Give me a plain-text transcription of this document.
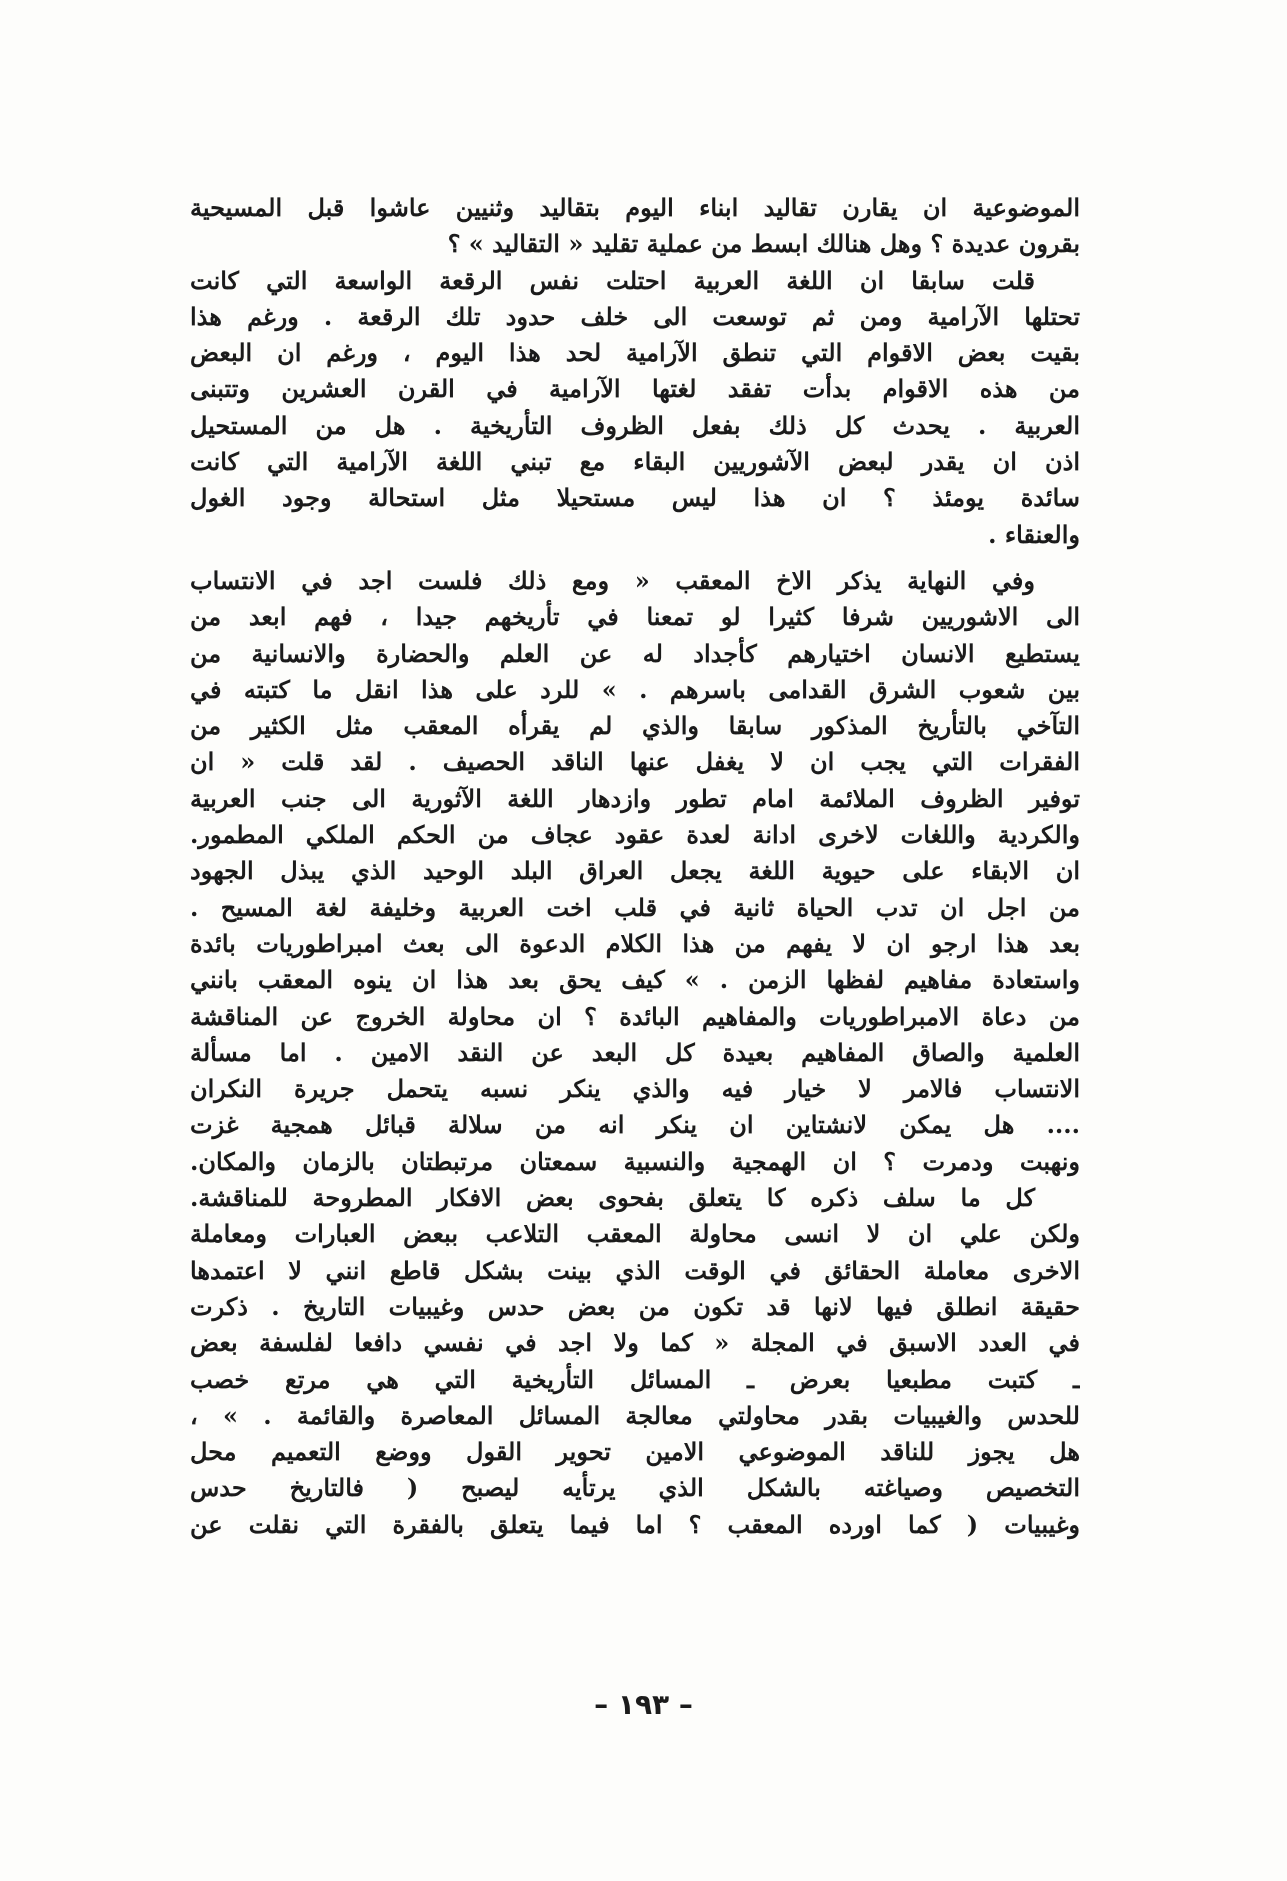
الموضوعية ان يقارن تقاليد ابناء اليوم بتقاليد وثنيين عاشوا قبل المسيحية
بقرون عديدة ؟ وهل هنالك ابسط من عملية تقليد « التقاليد » ؟
قلت سابقا ان اللغة العربية احتلت نفس الرقعة الواسعة التي كانت
تحتلها الآرامية ومن ثم توسعت الى خلف حدود تلك الرقعة . ورغم هذا
بقيت بعض الاقوام التي تنطق الآرامية لحد هذا اليوم ، ورغم ان البعض
من هذه الاقوام بدأت تفقد لغتها الآرامية في القرن العشرين وتتبنى
العربية . يحدث كل ذلك بفعل الظروف التأريخية . هل من المستحيل
اذن ان يقدر لبعض الآشوريين البقاء مع تبني اللغة الآرامية التي كانت
سائدة يومئذ ؟ ان هذا ليس مستحيلا مثل استحالة وجود الغول
والعنقاء .
وفي النهاية يذكر الاخ المعقب « ومع ذلك فلست اجد في الانتساب
الى الاشوريين شرفا كثيرا لو تمعنا في تأريخهم جيدا ، فهم ابعد من
يستطيع الانسان اختيارهم كأجداد له عن العلم والحضارة والانسانية من
بين شعوب الشرق القدامى باسرهم . » للرد على هذا انقل ما كتبته في
التآخي بالتأريخ المذكور سابقا والذي لم يقرأه المعقب مثل الكثير من
الفقرات التي يجب ان لا يغفل عنها الناقد الحصيف . لقد قلت « ان
توفير الظروف الملائمة امام تطور وازدهار اللغة الآثورية الى جنب العربية
والكردية واللغات لاخرى ادانة لعدة عقود عجاف من الحكم الملكي المطمور.
ان الابقاء على حيوية اللغة يجعل العراق البلد الوحيد الذي يبذل الجهود
من اجل ان تدب الحياة ثانية في قلب اخت العربية وخليفة لغة المسيح .
بعد هذا ارجو ان لا يفهم من هذا الكلام الدعوة الى بعث امبراطوريات بائدة
واستعادة مفاهيم لفظها الزمن . » كيف يحق بعد هذا ان ينوه المعقب بانني
من دعاة الامبراطوريات والمفاهيم البائدة ؟ ان محاولة الخروج عن المناقشة
العلمية والصاق المفاهيم بعيدة كل البعد عن النقد الامين . اما مسألة
الانتساب فالامر لا خيار فيه والذي ينكر نسبه يتحمل جريرة النكران
.... هل يمكن لانشتاين ان ينكر انه من سلالة قبائل همجية غزت
ونهبت ودمرت ؟ ان الهمجية والنسبية سمعتان مرتبطتان بالزمان والمكان.
كل ما سلف ذكره كا يتعلق بفحوى بعض الافكار المطروحة للمناقشة.
ولكن علي ان لا انسى محاولة المعقب التلاعب ببعض العبارات ومعاملة
الاخرى معاملة الحقائق في الوقت الذي بينت بشكل قاطع انني لا اعتمدها
حقيقة انطلق فيها لانها قد تكون من بعض حدس وغيبيات التاريخ . ذكرت
في العدد الاسبق في المجلة « كما ولا اجد في نفسي دافعا لفلسفة بعض
ـ كتبت مطبعيا بعرض ـ المسائل التأريخية التي هي مرتع خصب
للحدس والغيبيات بقدر محاولتي معالجة المسائل المعاصرة والقائمة . » ،
هل يجوز للناقد الموضوعي الامين تحوير القول ووضع التعميم محل
التخصيص وصياغته بالشكل الذي يرتأيه ليصبح ( فالتاريخ حدس
وغيبيات ( كما اورده المعقب ؟ اما فيما يتعلق بالفقرة التي نقلت عن
– ١٩٣ –
